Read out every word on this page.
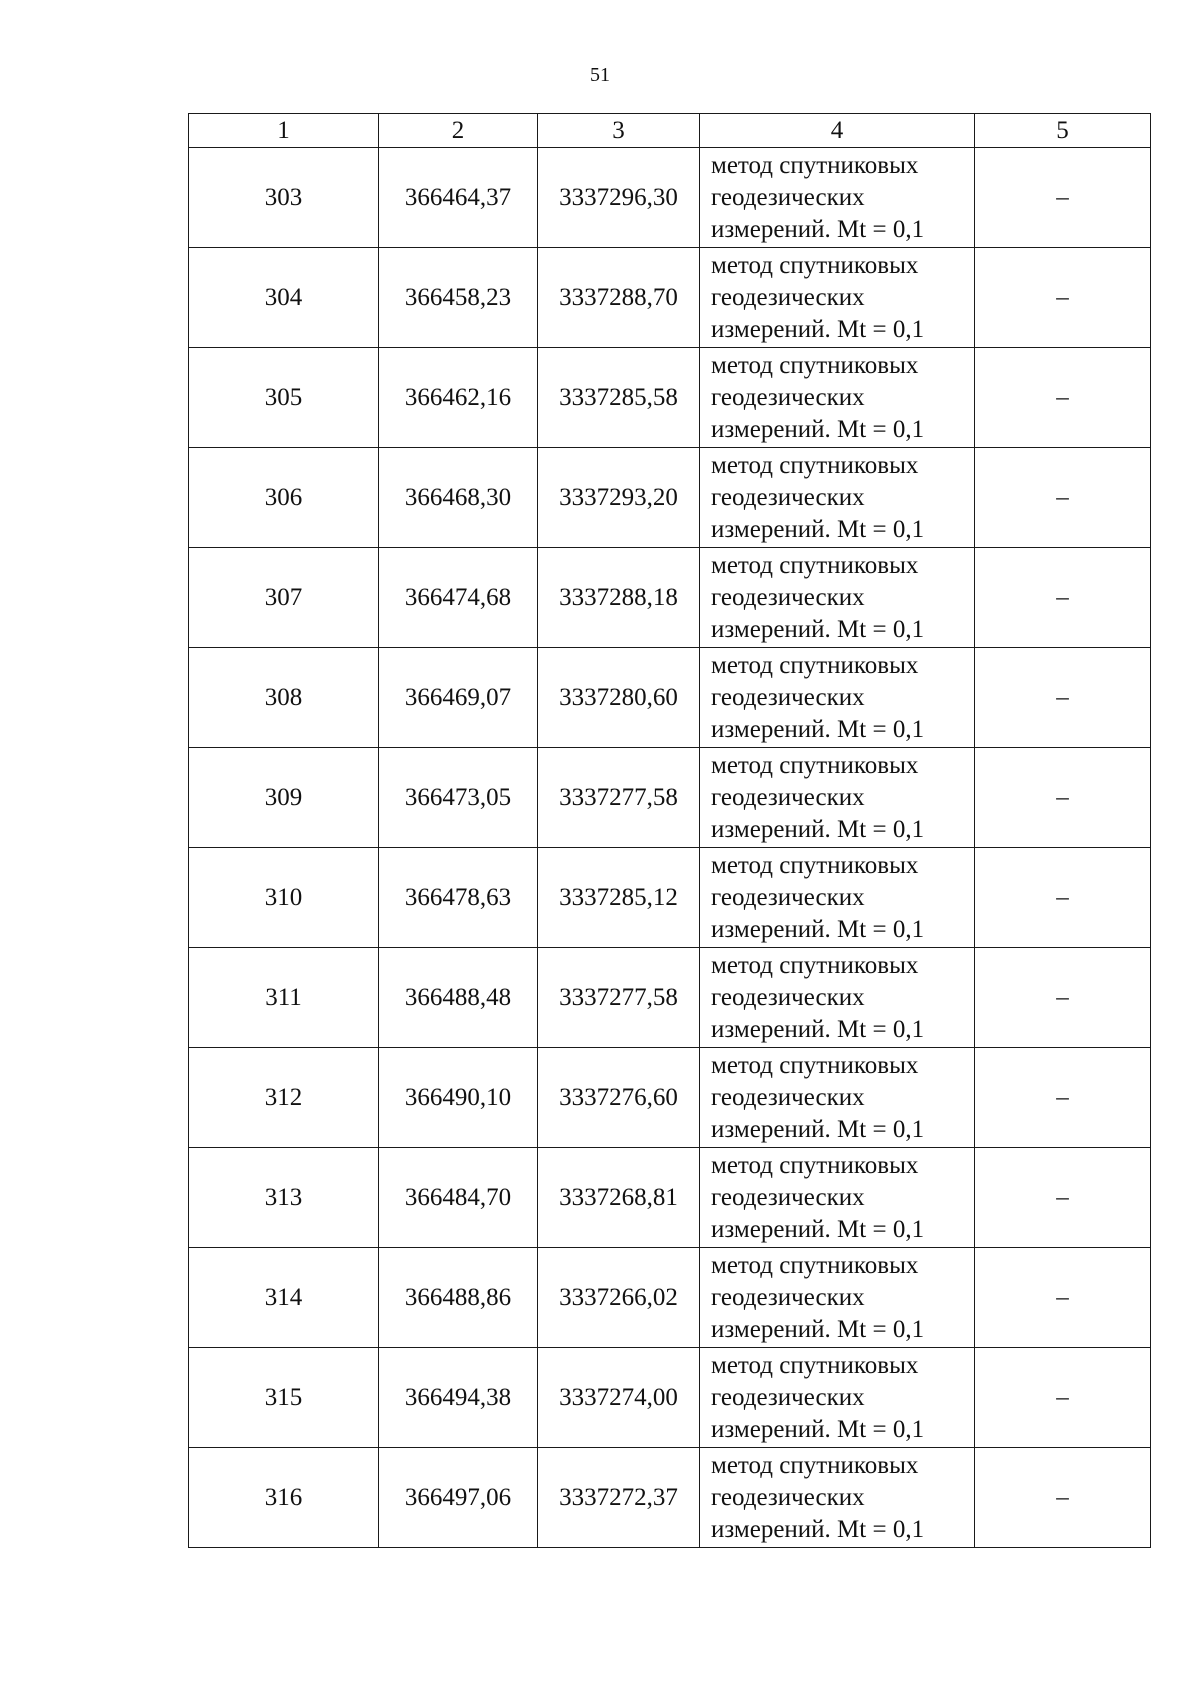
51
1	2	3	4	5
303	366464,37	3337296,30	метод спутниковых геодезических измерений. Mt = 0,1	–
304	366458,23	3337288,70	метод спутниковых геодезических измерений. Mt = 0,1	–
305	366462,16	3337285,58	метод спутниковых геодезических измерений. Mt = 0,1	–
306	366468,30	3337293,20	метод спутниковых геодезических измерений. Mt = 0,1	–
307	366474,68	3337288,18	метод спутниковых геодезических измерений. Mt = 0,1	–
308	366469,07	3337280,60	метод спутниковых геодезических измерений. Mt = 0,1	–
309	366473,05	3337277,58	метод спутниковых геодезических измерений. Mt = 0,1	–
310	366478,63	3337285,12	метод спутниковых геодезических измерений. Mt = 0,1	–
311	366488,48	3337277,58	метод спутниковых геодезических измерений. Mt = 0,1	–
312	366490,10	3337276,60	метод спутниковых геодезических измерений. Mt = 0,1	–
313	366484,70	3337268,81	метод спутниковых геодезических измерений. Mt = 0,1	–
314	366488,86	3337266,02	метод спутниковых геодезических измерений. Mt = 0,1	–
315	366494,38	3337274,00	метод спутниковых геодезических измерений. Mt = 0,1	–
316	366497,06	3337272,37	метод спутниковых геодезических измерений. Mt = 0,1	–
